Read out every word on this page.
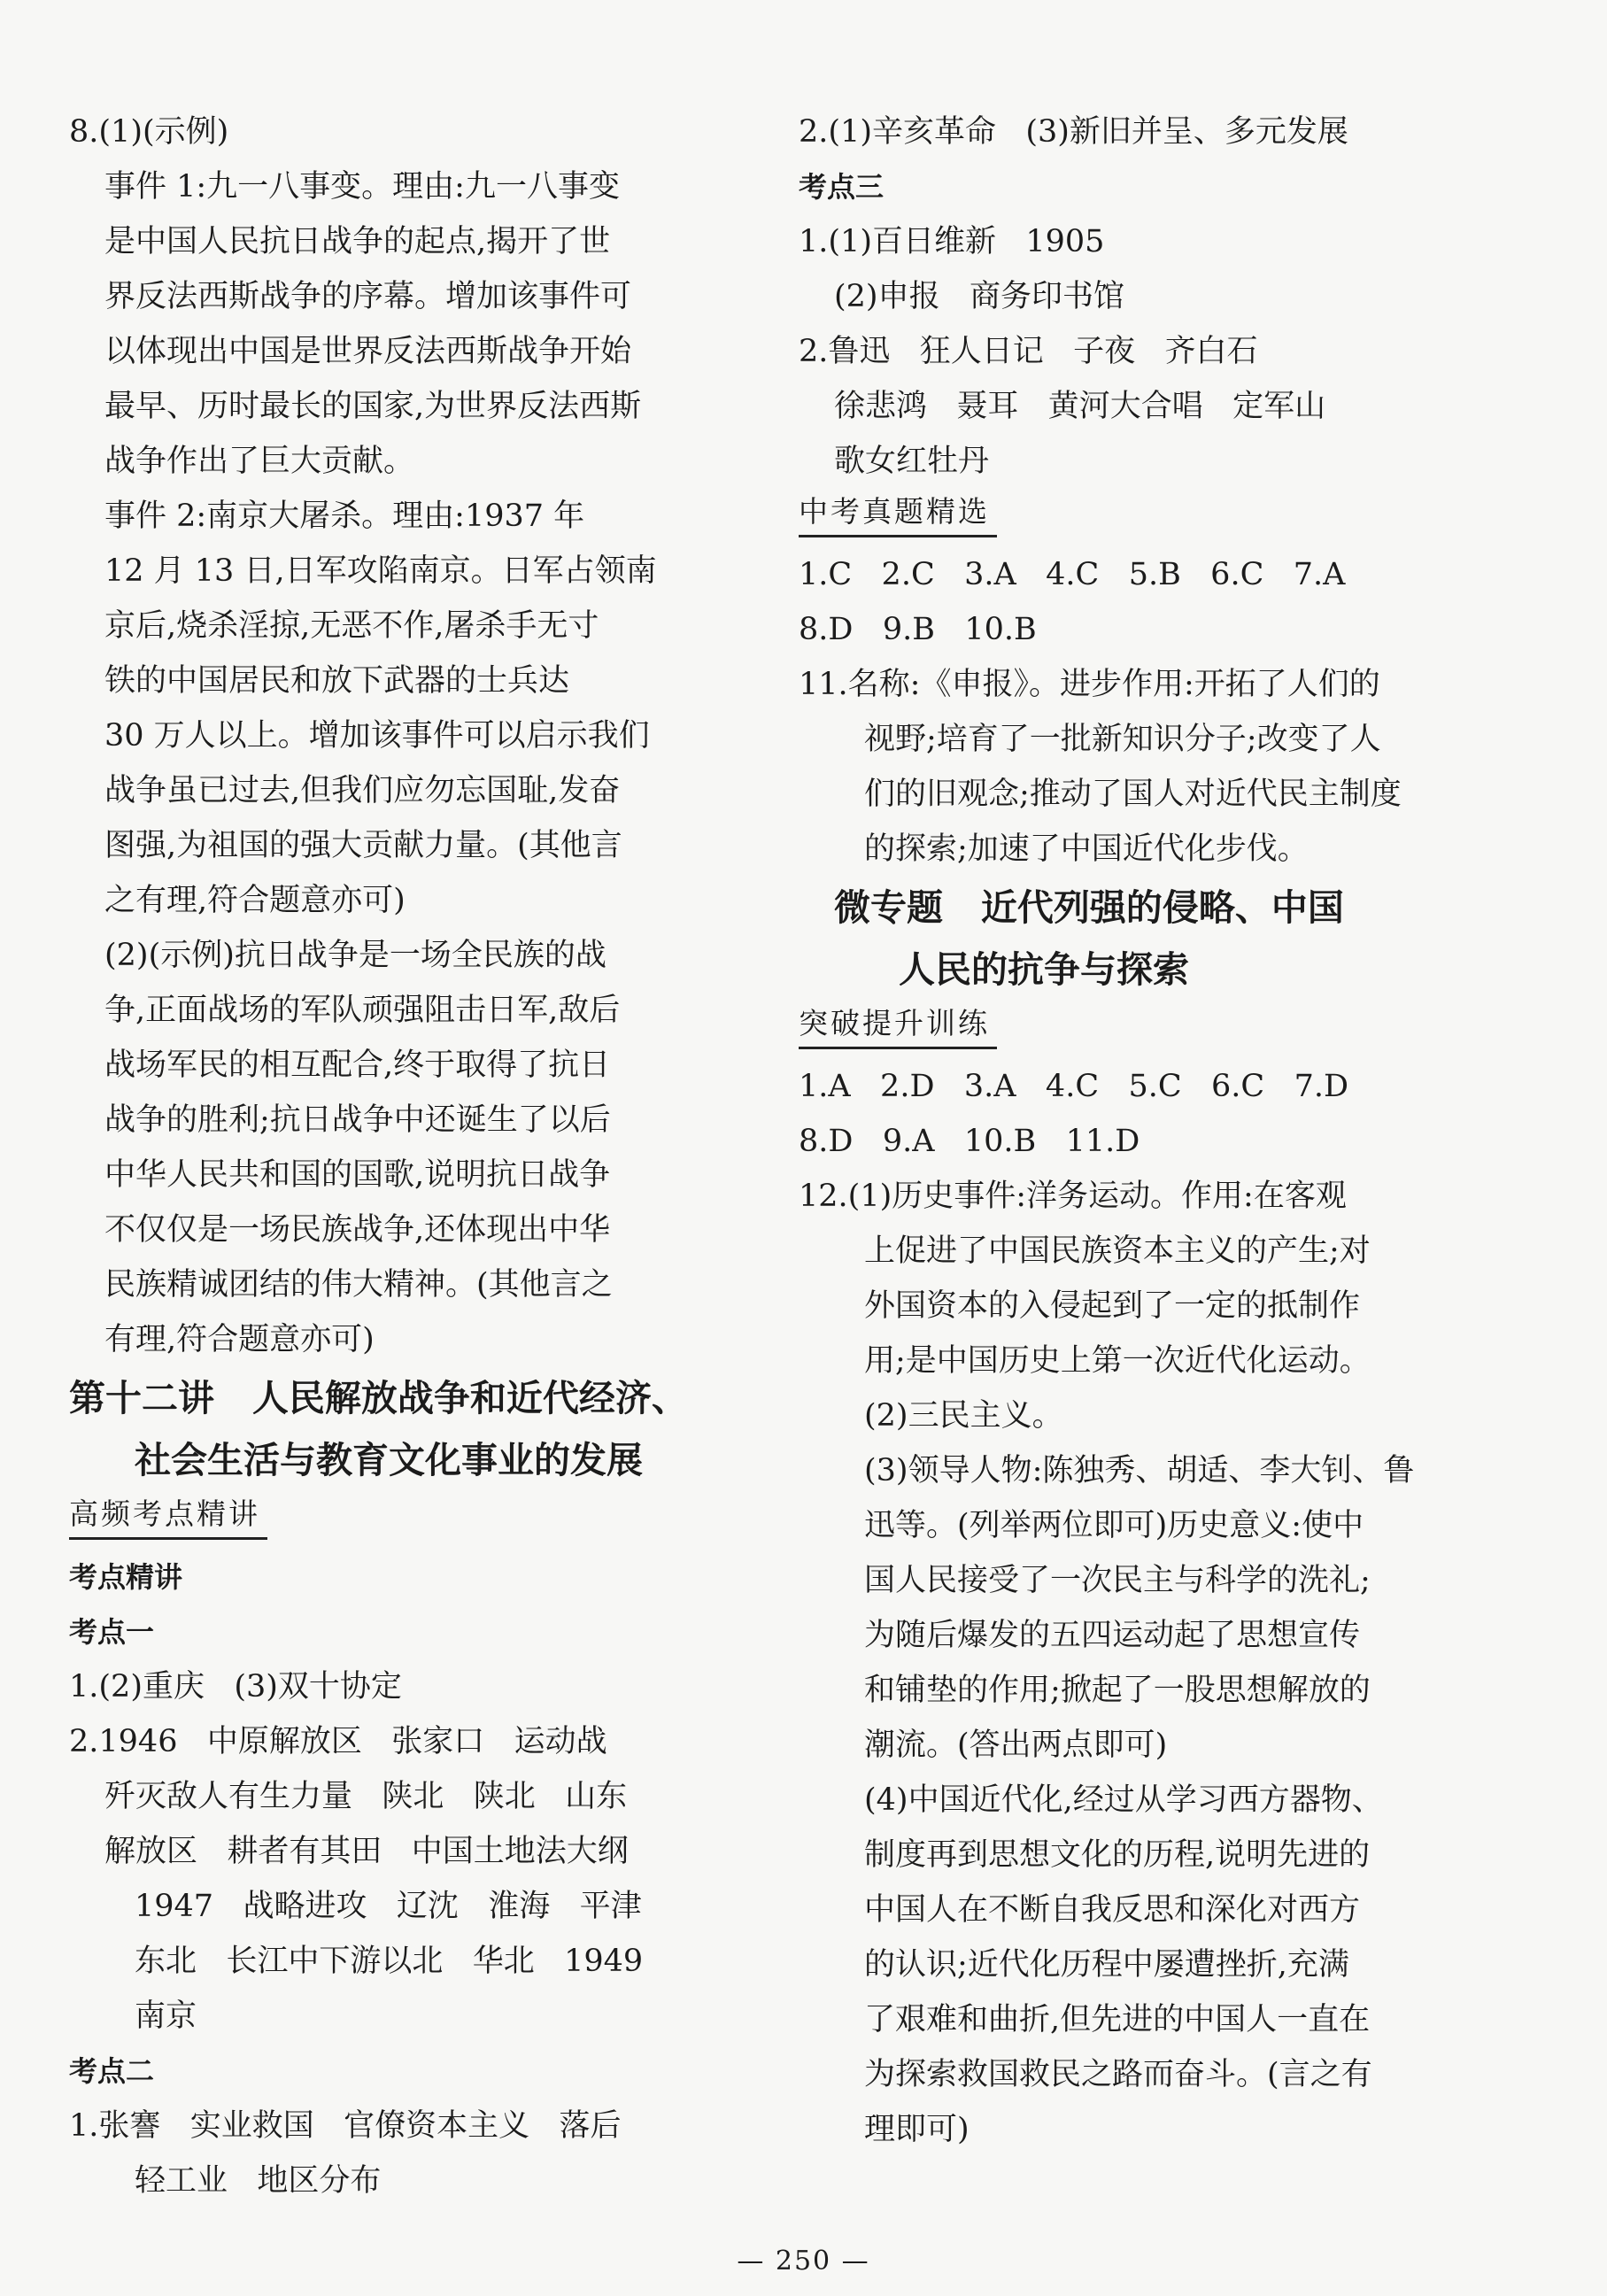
8.(1)(示例)
事件 1:九一八事变。理由:九一八事变
是中国人民抗日战争的起点,揭开了世
界反法西斯战争的序幕。增加该事件可
以体现出中国是世界反法西斯战争开始
最早、历时最长的国家,为世界反法西斯
战争作出了巨大贡献。
事件 2:南京大屠杀。理由:1937 年
12 月 13 日,日军攻陷南京。日军占领南
京后,烧杀淫掠,无恶不作,屠杀手无寸
铁的中国居民和放下武器的士兵达
30 万人以上。增加该事件可以启示我们
战争虽已过去,但我们应勿忘国耻,发奋
图强,为祖国的强大贡献力量。(其他言
之有理,符合题意亦可)
(2)(示例)抗日战争是一场全民族的战
争,正面战场的军队顽强阻击日军,敌后
战场军民的相互配合,终于取得了抗日
战争的胜利;抗日战争中还诞生了以后
中华人民共和国的国歌,说明抗日战争
不仅仅是一场民族战争,还体现出中华
民族精诚团结的伟大精神。(其他言之
有理,符合题意亦可)
第十二讲   人民解放战争和近代经济、
社会生活与教育文化事业的发展
高频考点精讲
考点精讲
考点一
1.(2)重庆   (3)双十协定
2.1946   中原解放区   张家口   运动战
歼灭敌人有生力量   陕北   陕北   山东
解放区   耕者有其田   中国土地法大纲
1947   战略进攻   辽沈   淮海   平津
东北   长江中下游以北   华北   1949
南京
考点二
1.张謇   实业救国   官僚资本主义   落后
轻工业   地区分布
2.(1)辛亥革命   (3)新旧并呈、多元发展
考点三
1.(1)百日维新   1905
(2)申报   商务印书馆
2.鲁迅   狂人日记   子夜   齐白石
徐悲鸿   聂耳   黄河大合唱   定军山
歌女红牡丹
中考真题精选
1.C   2.C   3.A   4.C   5.B   6.C   7.A
8.D   9.B   10.B
11.名称:《申报》。进步作用:开拓了人们的
视野;培育了一批新知识分子;改变了人
们的旧观念;推动了国人对近代民主制度
的探索;加速了中国近代化步伐。
微专题   近代列强的侵略、中国
人民的抗争与探索
突破提升训练
1.A   2.D   3.A   4.C   5.C   6.C   7.D
8.D   9.A   10.B   11.D
12.(1)历史事件:洋务运动。作用:在客观
上促进了中国民族资本主义的产生;对
外国资本的入侵起到了一定的抵制作
用;是中国历史上第一次近代化运动。
(2)三民主义。
(3)领导人物:陈独秀、胡适、李大钊、鲁
迅等。(列举两位即可)历史意义:使中
国人民接受了一次民主与科学的洗礼;
为随后爆发的五四运动起了思想宣传
和铺垫的作用;掀起了一股思想解放的
潮流。(答出两点即可)
(4)中国近代化,经过从学习西方器物、
制度再到思想文化的历程,说明先进的
中国人在不断自我反思和深化对西方
的认识;近代化历程中屡遭挫折,充满
了艰难和曲折,但先进的中国人一直在
为探索救国救民之路而奋斗。(言之有
理即可)
— 250 —
